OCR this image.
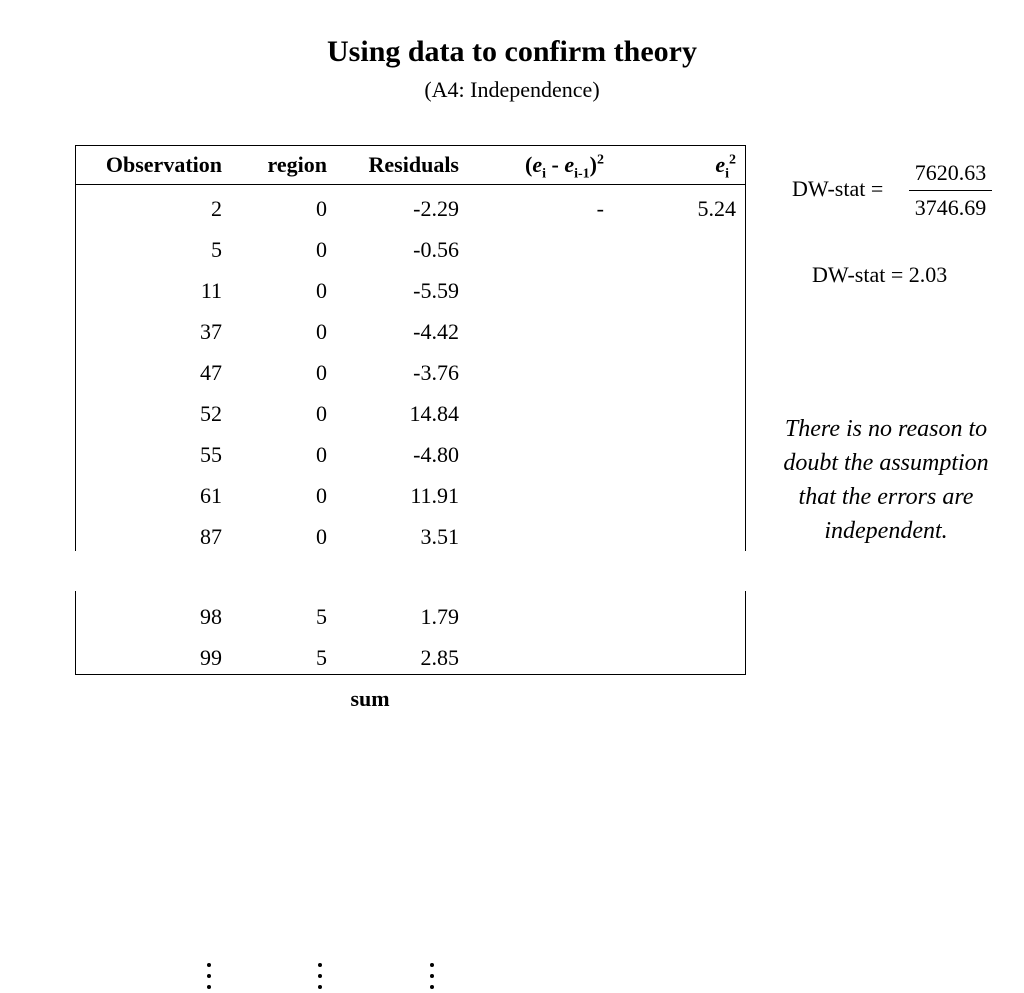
Using data to confirm theory
(A4: Independence)
Observation	region	Residuals	$(e_i - e_{i-1})^2$	$e_i^2$
2	0	-2.29	-	5.24
5	0	-0.56
11	0	-5.59
37	0	-4.42
47	0	-3.76
52	0	14.84
55	0	-4.80
61	0	11.91
87	0	3.51
98	5	1.79
99	5	2.85
sum
DW-stat =
7620.63
3746.69
DW-stat = 2.03
There is no reason to doubt the assumption that the errors are independent.
